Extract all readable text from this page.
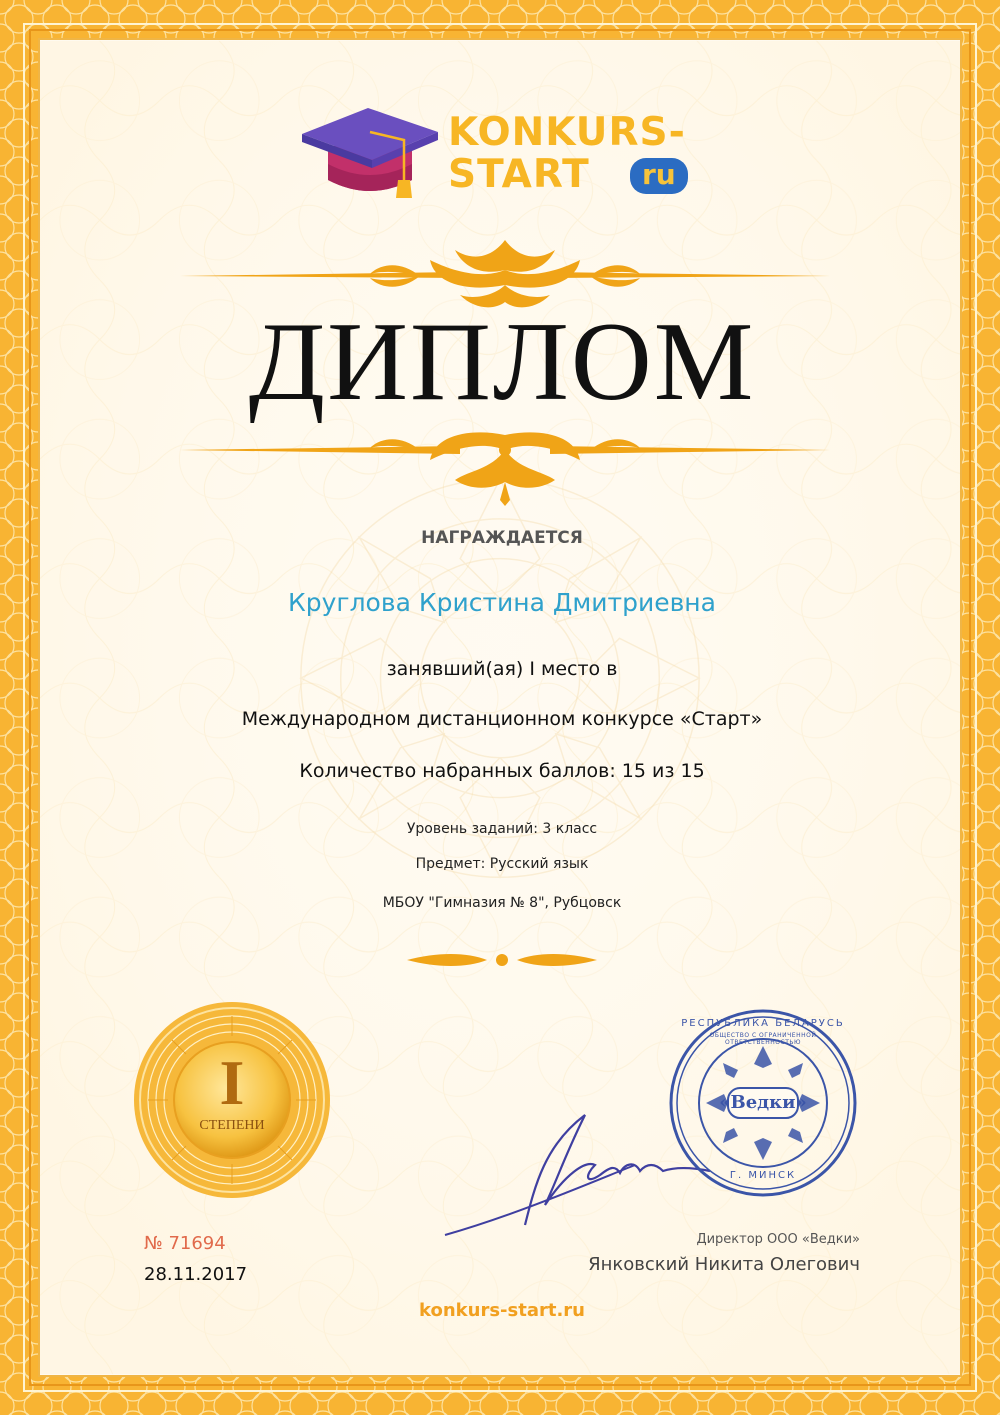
KONKURS-
START	ru
ДИПЛОМ
НАГРАЖДАЕТСЯ
Круглова Кристина Дмитриевна
занявший(ая) I место в
Международном дистанционном конкурсе «Старт»
Количество набранных баллов: 15 из 15
Уровень заданий: 3 класс
Предмет: Русский язык
МБОУ "Гимназия № 8", Рубцовск
I
СТЕПЕНИ
РЕСПУБЛИКА БЕЛАРУСЬ
ОБЩЕСТВО С ОГРАНИЧЕННОЙ ОТВЕТСТВЕННОСТЬЮ
«Ведки»
Г. МИНСК
№ 71694
28.11.2017
Директор ООО «Ведки»
Янковский Никита Олегович
konkurs-start.ru
